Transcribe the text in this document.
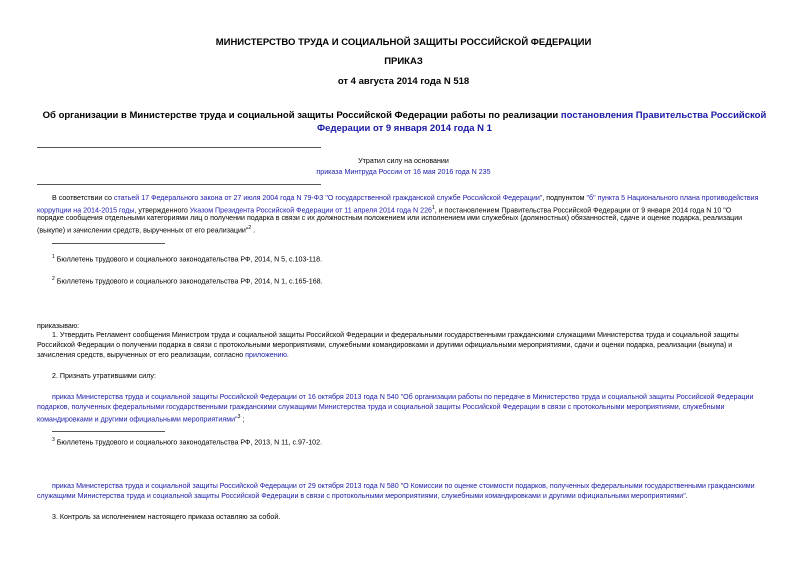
МИНИСТЕРСТВО ТРУДА И СОЦИАЛЬНОЙ ЗАЩИТЫ РОССИЙСКОЙ ФЕДЕРАЦИИ
ПРИКАЗ
от 4 августа 2014 года N 518
Об организации в Министерстве труда и социальной защиты Российской Федерации работы по реализации постановления Правительства Российской
Федерации от 9 января 2014 года N 1
Утратил силу на основании
приказа Минтруда России от 16 мая 2016 года N 235
В соответствии со статьей 17 Федерального закона от 27 июля 2004 года N 79-ФЗ "О государственной гражданской службе Российской Федерации", подпунктом "б" пункта 5 Национального плана противодействия
коррупции на 2014-2015 годы, утвержденного Указом Президента Российской Федерации от 11 апреля 2014 года N $226^1$, и постановлением Правительства Российской Федерации от 9 января 2014 года N 10 "О
порядке сообщения отдельными категориями лиц о получении подарка в связи с их должностным положением или исполнением ими служебных (должностных) обязанностей, сдаче и оценке подарка, реализации
(выкупе) и зачислении средств, вырученных от его реализации"$^2$ .
$^1$ Бюллетень трудового и социального законодательства РФ, 2014, N 5, с.103-118.
$^2$ Бюллетень трудового и социального законодательства РФ, 2014, N 1, с.165-168.
приказываю:
1. Утвердить Регламент сообщения Министром труда и социальной защиты Российской Федерации и федеральными государственными гражданскими служащими Министерства труда и социальной защиты
Российской Федерации о получении подарка в связи с протокольными мероприятиями, служебными командировками и другими официальными мероприятиями, сдачи и оценки подарка, реализации (выкупа) и
зачисления средств, вырученных от его реализации, согласно приложению.
2. Признать утратившими силу:
приказ Министерства труда и социальной защиты Российской Федерации от 16 октября 2013 года N 540 "Об организации работы по передаче в Министерство труда и социальной защиты Российской Федерации
подарков, полученных федеральными государственными гражданскими служащими Министерства труда и социальной защиты Российской Федерации в связи с протокольными мероприятиями, служебными
командировками и другими официальными мероприятиями"$^3$ ;
$^3$ Бюллетень трудового и социального законодательства РФ, 2013, N 11, с.97-102.
приказ Министерства труда и социальной защиты Российской Федерации от 29 октября 2013 года N 580 "О Комиссии по оценке стоимости подарков, полученных федеральными государственными гражданскими
служащими Министерства труда и социальной защиты Российской Федерации в связи с протокольными мероприятиями, служебными командировками и другими официальными мероприятиями".
3. Контроль за исполнением настоящего приказа оставляю за собой.
